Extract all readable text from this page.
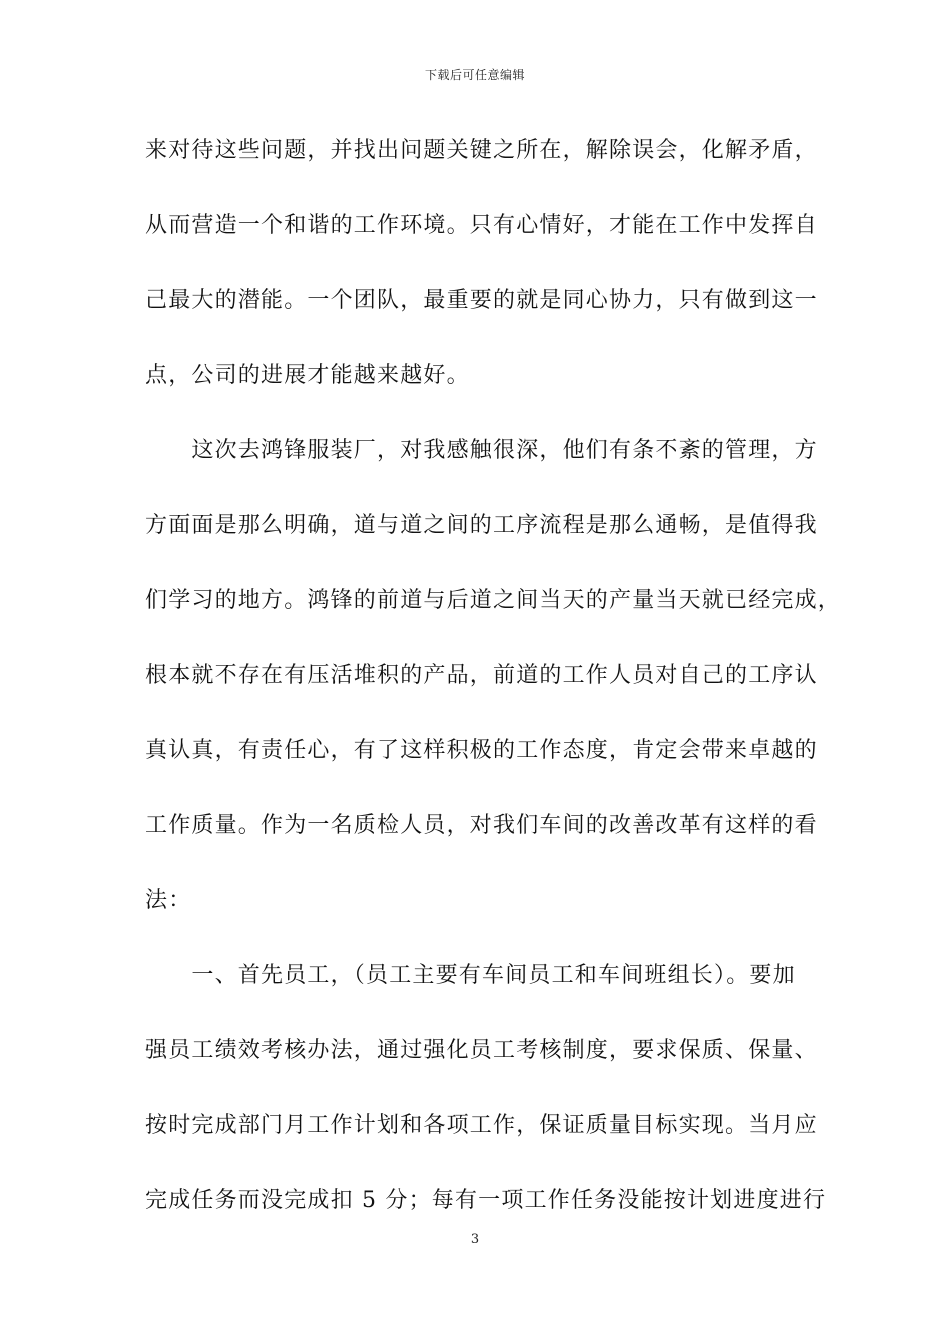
下载后可任意编辑
来对待这些问题，并找出问题关键之所在，解除误会，化解矛盾，
从而营造一个和谐的工作环境。只有心情好，才能在工作中发挥自
己最大的潜能。一个团队，最重要的就是同心协力，只有做到这一
点，公司的进展才能越来越好。
　　这次去鸿锋服装厂，对我感触很深，他们有条不紊的管理，方
方面面是那么明确，道与道之间的工序流程是那么通畅，是值得我
们学习的地方。鸿锋的前道与后道之间当天的产量当天就已经完成，
根本就不存在有压活堆积的产品，前道的工作人员对自己的工序认
真认真，有责任心，有了这样积极的工作态度，肯定会带来卓越的
工作质量。作为一名质检人员，对我们车间的改善改革有这样的看
法：
　　一、首先员工，（员工主要有车间员工和车间班组长）。要加
强员工绩效考核办法，通过强化员工考核制度，要求保质、保量、
按时完成部门月工作计划和各项工作，保证质量目标实现。当月应
完成任务而没完成扣 5 分；每有一项工作任务没能按计划进度进行
3
